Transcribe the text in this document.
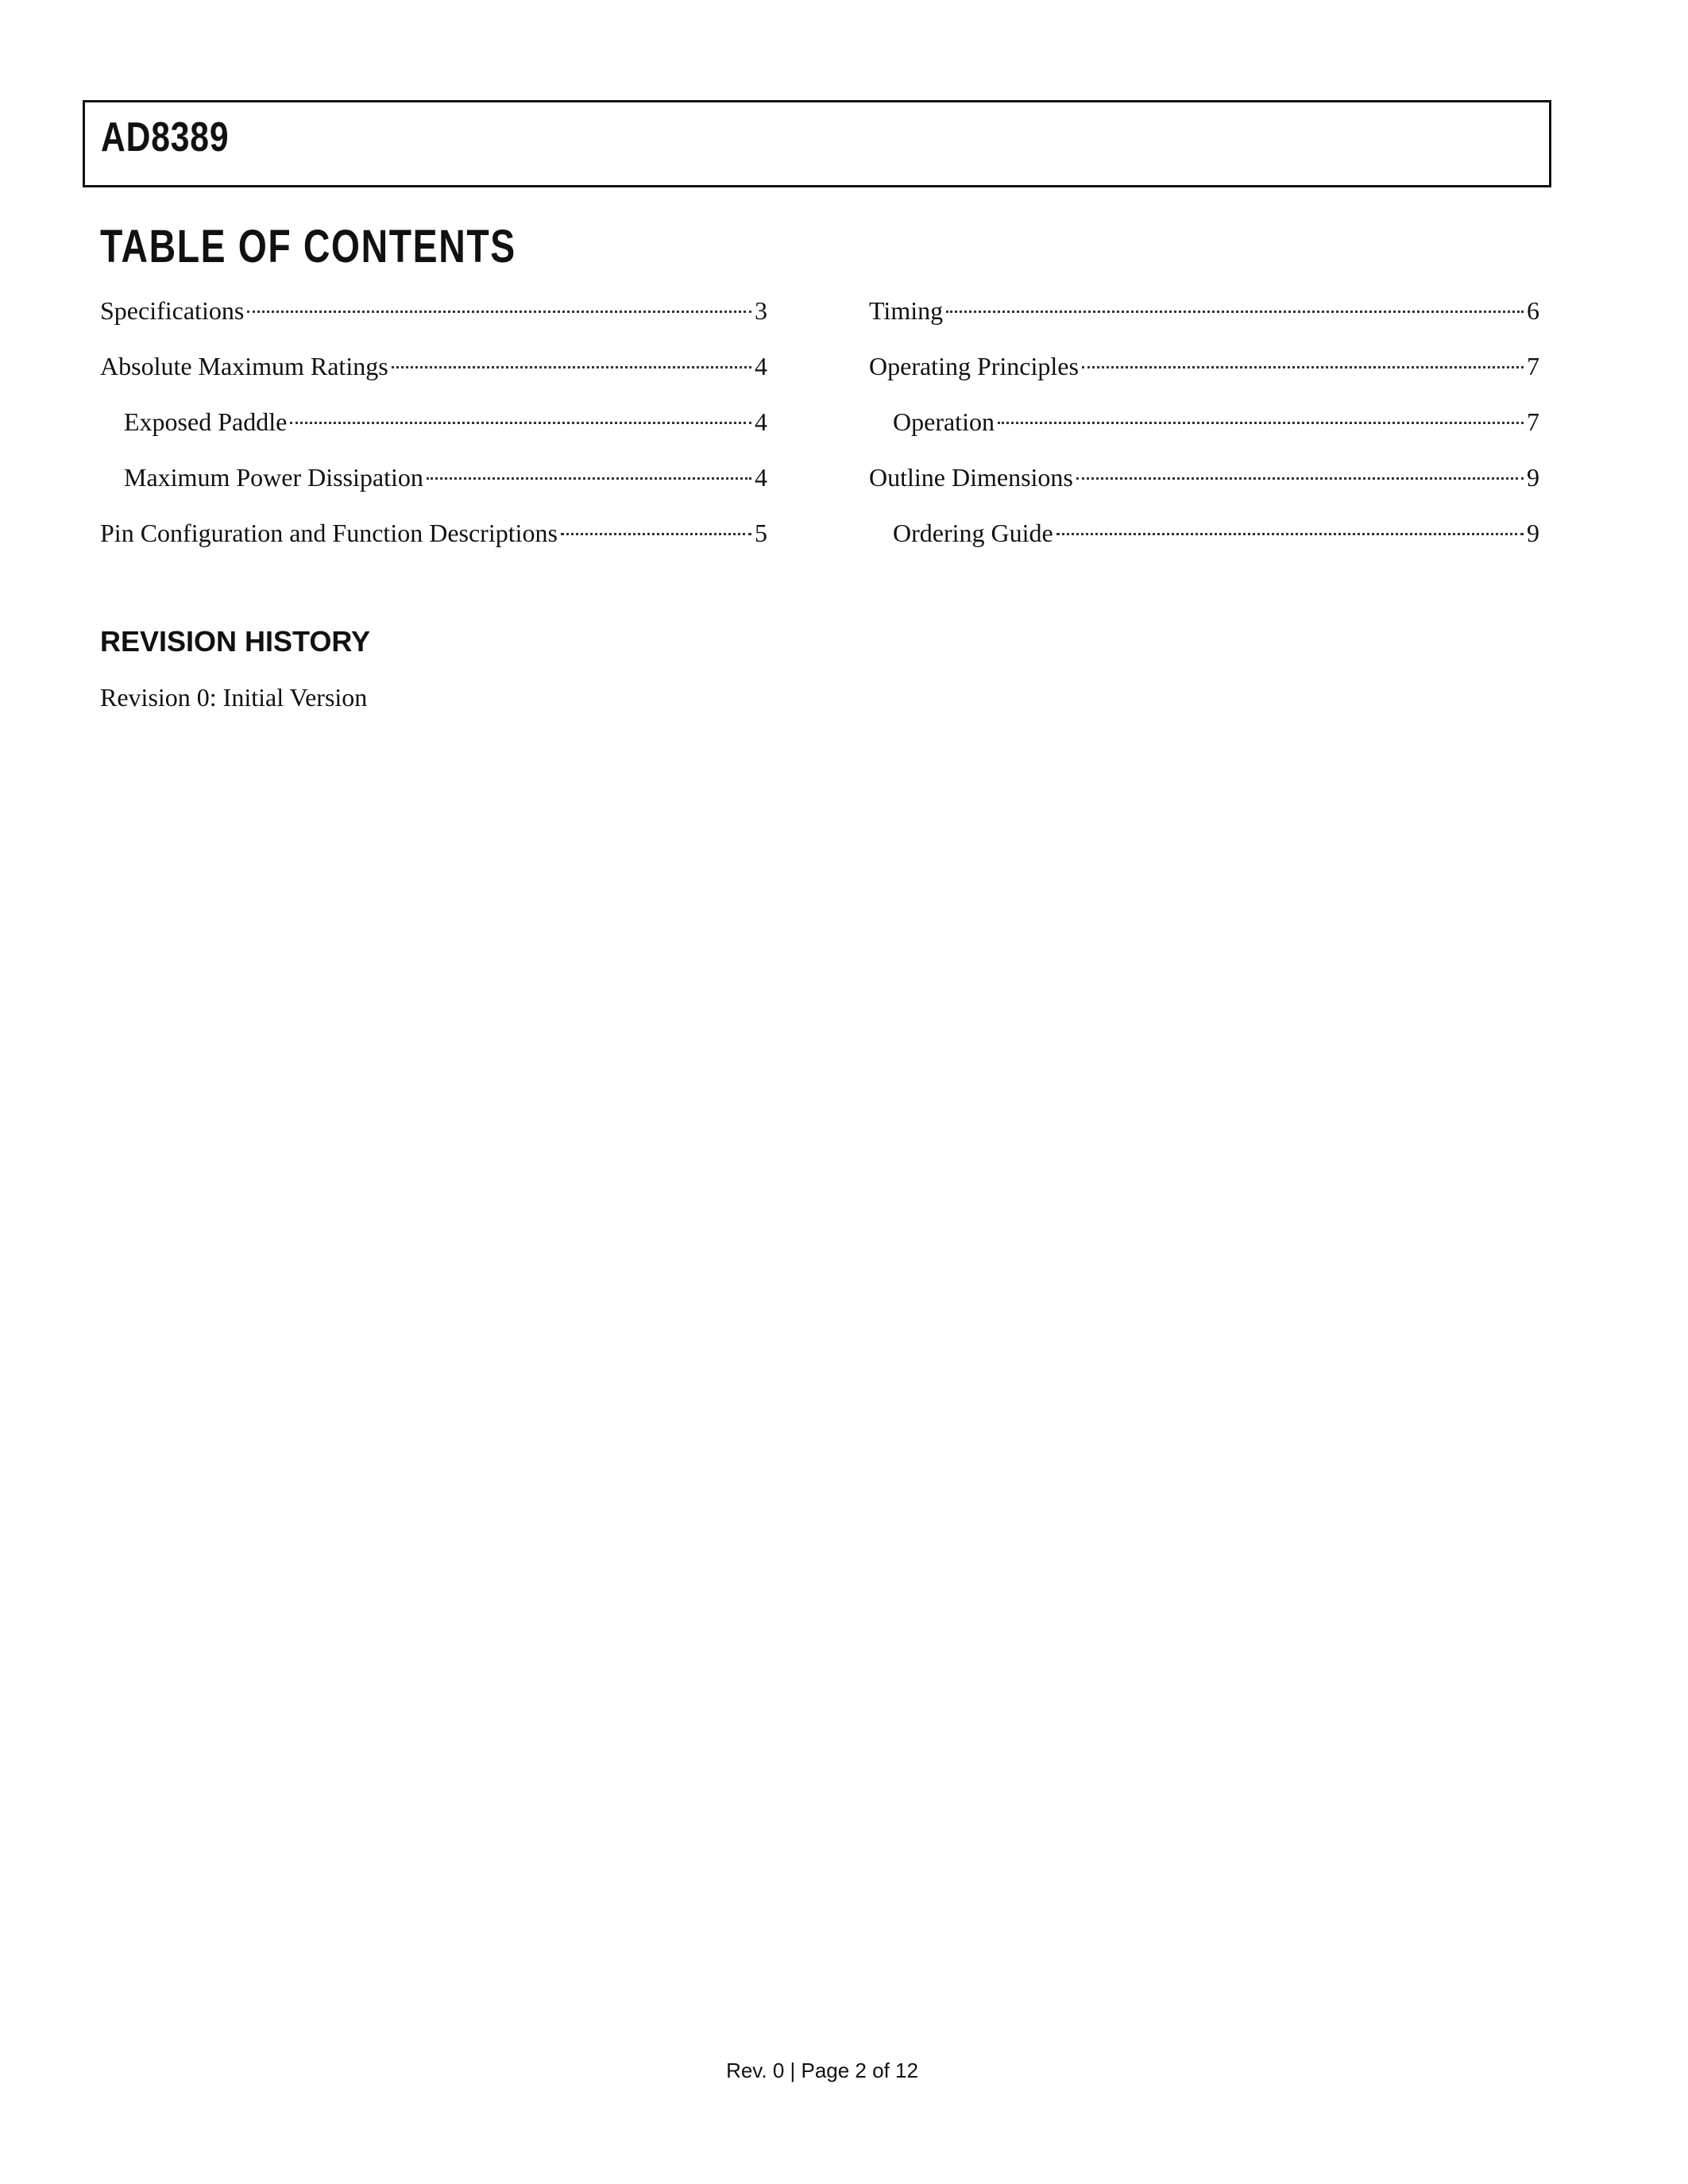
AD8389
TABLE OF CONTENTS
Specifications	3
Absolute Maximum Ratings	4
Exposed Paddle	4
Maximum Power Dissipation	4
Pin Configuration and Function Descriptions	5
Timing	6
Operating Principles	7
Operation	7
Outline Dimensions	9
Ordering Guide	9
REVISION HISTORY
Revision 0: Initial Version
Rev. 0 | Page 2 of 12
